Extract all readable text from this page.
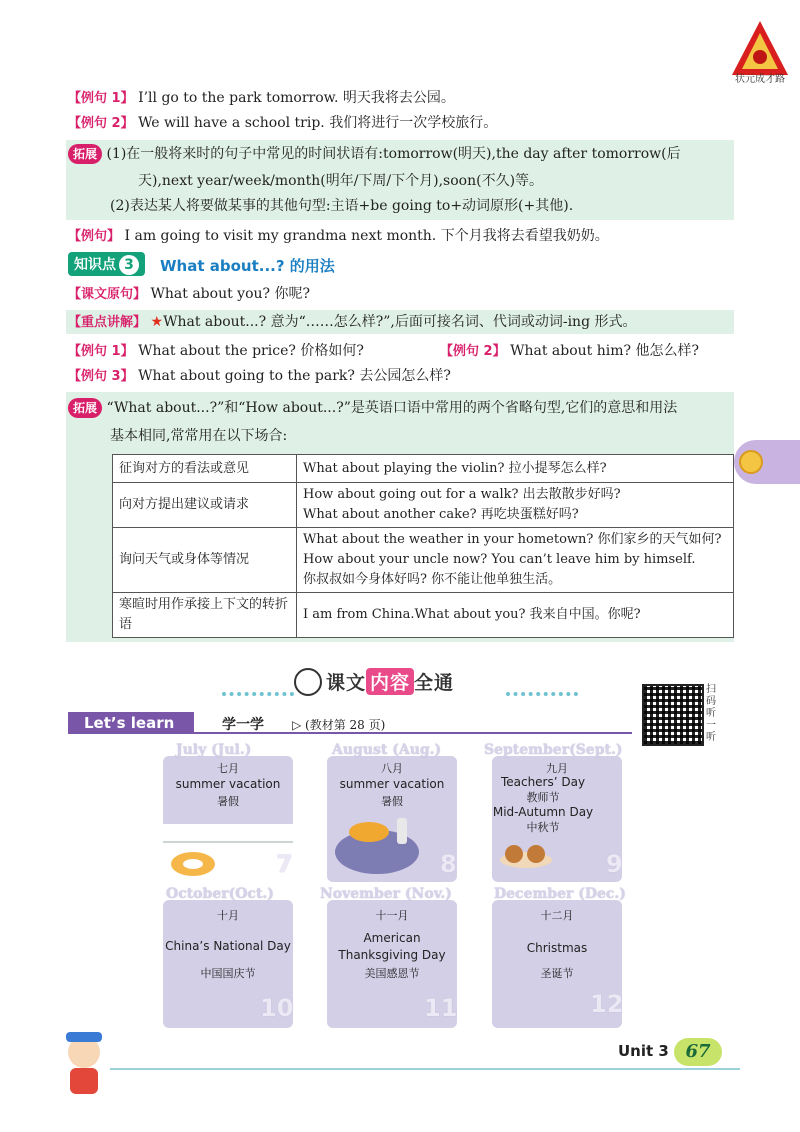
状元成才路
【例句 1】 I’ll go to the park tomorrow. 明天我将去公园。
【例句 2】 We will have a school trip. 我们将进行一次学校旅行。
拓展 (1)在一般将来时的句子中常见的时间状语有:tomorrow(明天),the day after tomorrow(后
天),next year/week/month(明年/下周/下个月),soon(不久)等。
(2)表达某人将要做某事的其他句型:主语+be going to+动词原形(+其他).
【例句】 I am going to visit my grandma next month. 下个月我将去看望我奶奶。
知识点 3	What about...? 的用法
【课文原句】 What about you? 你呢?
【重点讲解】 ★What about...? 意为“……怎么样?”,后面可接名词、代词或动词-ing 形式。
【例句 1】 What about the price? 价格如何?	【例句 2】 What about him? 他怎么样?
【例句 3】 What about going to the park? 去公园怎么样?
拓展 “What about...?”和“How about...?”是英语口语中常用的两个省略句型,它们的意思和用法
基本相同,常常用在以下场合:
征询对方的看法或意见	What about playing the violin? 拉小提琴怎么样?

向对方提出建议或请求	How about going out for a walk? 出去散散步好吗?
What about another cake? 再吃块蛋糕好吗?

询问天气或身体等情况	What about the weather in your hometown? 你们家乡的天气如何?
How about your uncle now? You can’t leave him by himself.
你叔叔如今身体好吗? 你不能让他单独生活。

寒暄时用作承接上下文的转折语	I am from China.What about you? 我来自中国。你呢?
课文 内容 全通
Let’s learn	学一学 ▷ (教材第 28 页)
扫码听一听
July (Jul.)	August (Aug.)	September(Sept.)
七月	八月	九月
summer vacation
暑假
summer vacation
暑假
Teachers’ Day
教师节
Mid-Autumn Day
中秋节
7	8	9
October(Oct.)	November (Nov.)	December (Dec.)
十月	十一月	十二月
China’s National Day
中国国庆节
American
Thanksgiving Day
美国感恩节
Christmas
圣诞节
10	11	12
Unit 3 67
